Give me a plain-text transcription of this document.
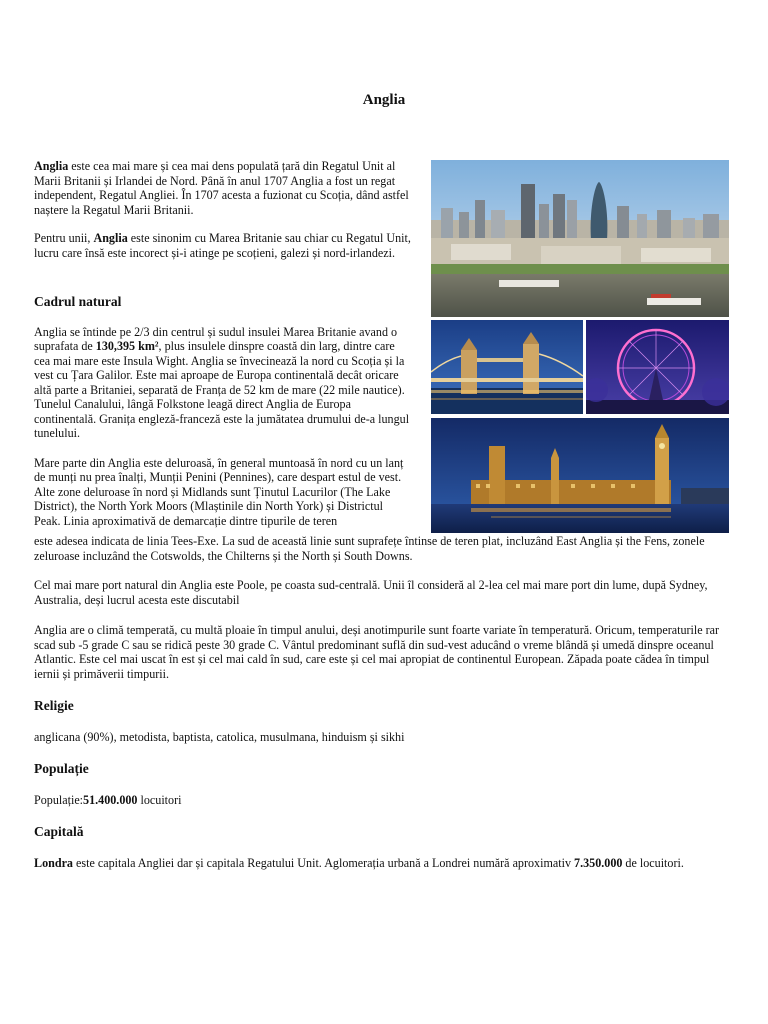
Anglia

Anglia este cea mai mare și cea mai dens populată țară din Regatul Unit al Marii Britanii și Irlandei de Nord. Până în anul 1707 Anglia a fost un regat independent, Regatul Angliei. În 1707 acesta a fuzionat cu Scoția, dând astfel naștere la Regatul Marii Britanii.

Pentru unii, Anglia este sinonim cu Marea Britanie sau chiar cu Regatul Unit, lucru care însă este incorect și-i atinge pe scoțieni, galezi și nord-irlandezi.

Cadrul natural

Anglia se întinde pe 2/3 din centrul și sudul insulei Marea Britanie avand o suprafata de 130,395 km², plus insulele dinspre coastă din larg, dintre care cea mai mare este Insula Wight. Anglia se învecinează la nord cu Scoția și la vest cu Țara Galilor. Este mai aproape de Europa continentală decât oricare altă parte a Britaniei, separată de Franța de 52 km de mare (22 mile nautice). Tunelul Canalului, lângă Folkstone leagă direct Anglia de Europa continentală. Granița engleză-franceză este la jumătatea drumului de-a lungul tunelului.

Mare parte din Anglia este deluroasă, în general muntoasă în nord cu un lanț de munți nu prea înalți, Munții Penini (Pennines), care despart estul de vest. Alte zone deluroase în nord și Midlands sunt Ținutul Lacurilor (The Lake District), the North York Moors (Mlaștinile din North York) și Districtul Peak. Linia aproximativă de demarcație dintre tipurile de teren

este adesea indicata de linia Tees-Exe. La sud de această linie sunt suprafețe întinse de teren plat, incluzând East Anglia și the Fens, zonele zeluroase incluzând the Cotswolds, the Chilterns și the North și South Downs.

Cel mai mare port natural din Anglia este Poole, pe coasta sud-centrală. Unii îl consideră al 2-lea cel mai mare port din lume, după Sydney, Australia, deși lucrul acesta este discutabil

Anglia are o climă temperată, cu multă ploaie în timpul anului, deși anotimpurile sunt foarte variate în temperatură. Oricum, temperaturile rar scad sub -5 grade C sau se ridică peste 30 grade C. Vântul predominant suflă din sud-vest aducând o vreme blândă și umedă dinspre oceanul Atlantic. Este cel mai uscat în est și cel mai cald în sud, care este și cel mai apropiat de continentul European. Zăpada poate cădea în timpul iernii și primăverii timpurii.

Religie

anglicana (90%), metodista, baptista, catolica, musulmana, hinduism și sikhi

Populație

Populație:51.400.000 locuitori

Capitală

Londra este capitala Angliei dar și capitala Regatului Unit. Aglomerația urbană a Londrei numără aproximativ 7.350.000 de locuitori.
